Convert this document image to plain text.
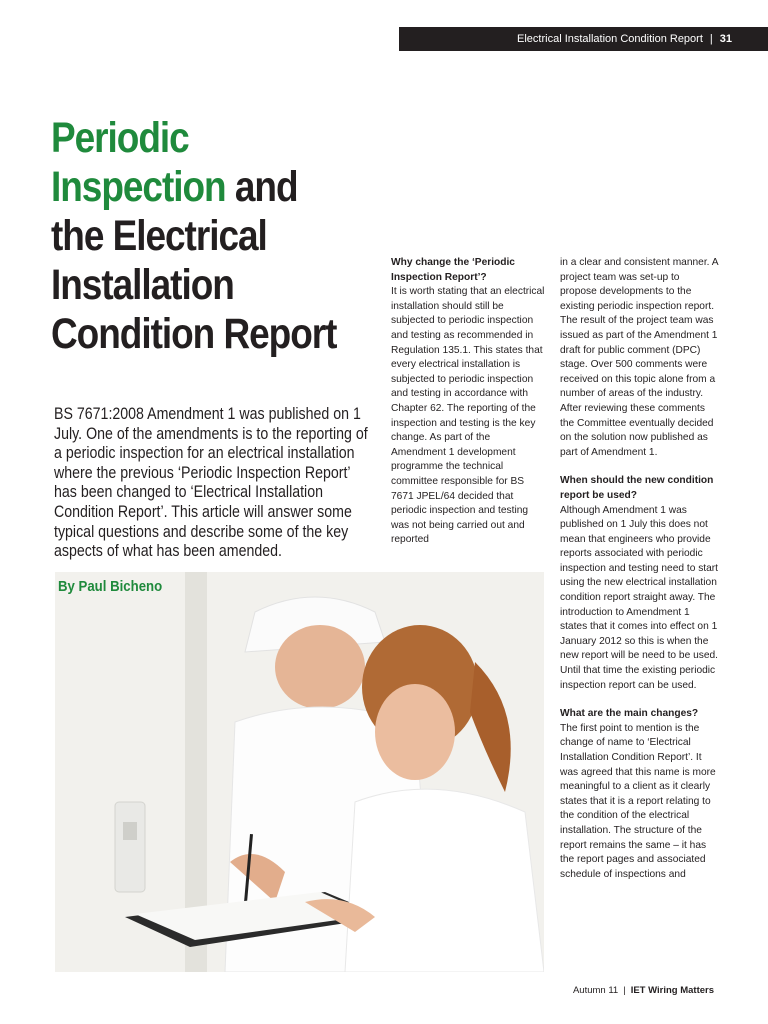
Electrical Installation Condition Report | 31
Periodic
Inspection and
the Electrical
Installation
Condition Report
BS 7671:2008 Amendment 1 was published on 1 July. One of the amendments is to the reporting of a periodic inspection for an electrical installation where the previous ‘Periodic Inspection Report’ has been changed to ‘Electrical Installation Condition Report’. This article will answer some typical questions and describe some of the key aspects of what has been amended.
By Paul Bicheno
Why change the ‘Periodic Inspection Report’?

It is worth stating that an electrical installation should still be subjected to periodic inspection and testing as recommended in Regulation 135.1. This states that every electrical installation is subjected to periodic inspection and testing in accordance with Chapter 62. The reporting of the inspection and testing is the key change. As part of the Amendment 1 development programme the technical committee responsible for BS 7671 JPEL/64 decided that periodic inspection and testing was not being carried out and reported

in a clear and consistent manner. A project team was set-up to propose developments to the existing periodic inspection report. The result of the project team was issued as part of the Amendment 1 draft for public comment (DPC) stage. Over 500 comments were received on this topic alone from a number of areas of the industry. After reviewing these comments the Committee eventually decided on the solution now published as part of Amendment 1.

When should the new condition report be used?

Although Amendment 1 was published on 1 July this does not mean that engineers who provide reports associated with periodic inspection and testing need to start using the new electrical installation condition report straight away. The introduction to Amendment 1 states that it comes into effect on 1 January 2012 so this is when the new report will be need to be used. Until that time the existing periodic inspection report can be used.

What are the main changes?

The first point to mention is the change of name to ‘Electrical Installation Condition Report’. It was agreed that this name is more meaningful to a client as it clearly states that it is a report relating to the condition of the electrical installation. The structure of the report remains the same – it has the report pages and associated schedule of inspections and

Autumn 11 | IET Wiring Matters
